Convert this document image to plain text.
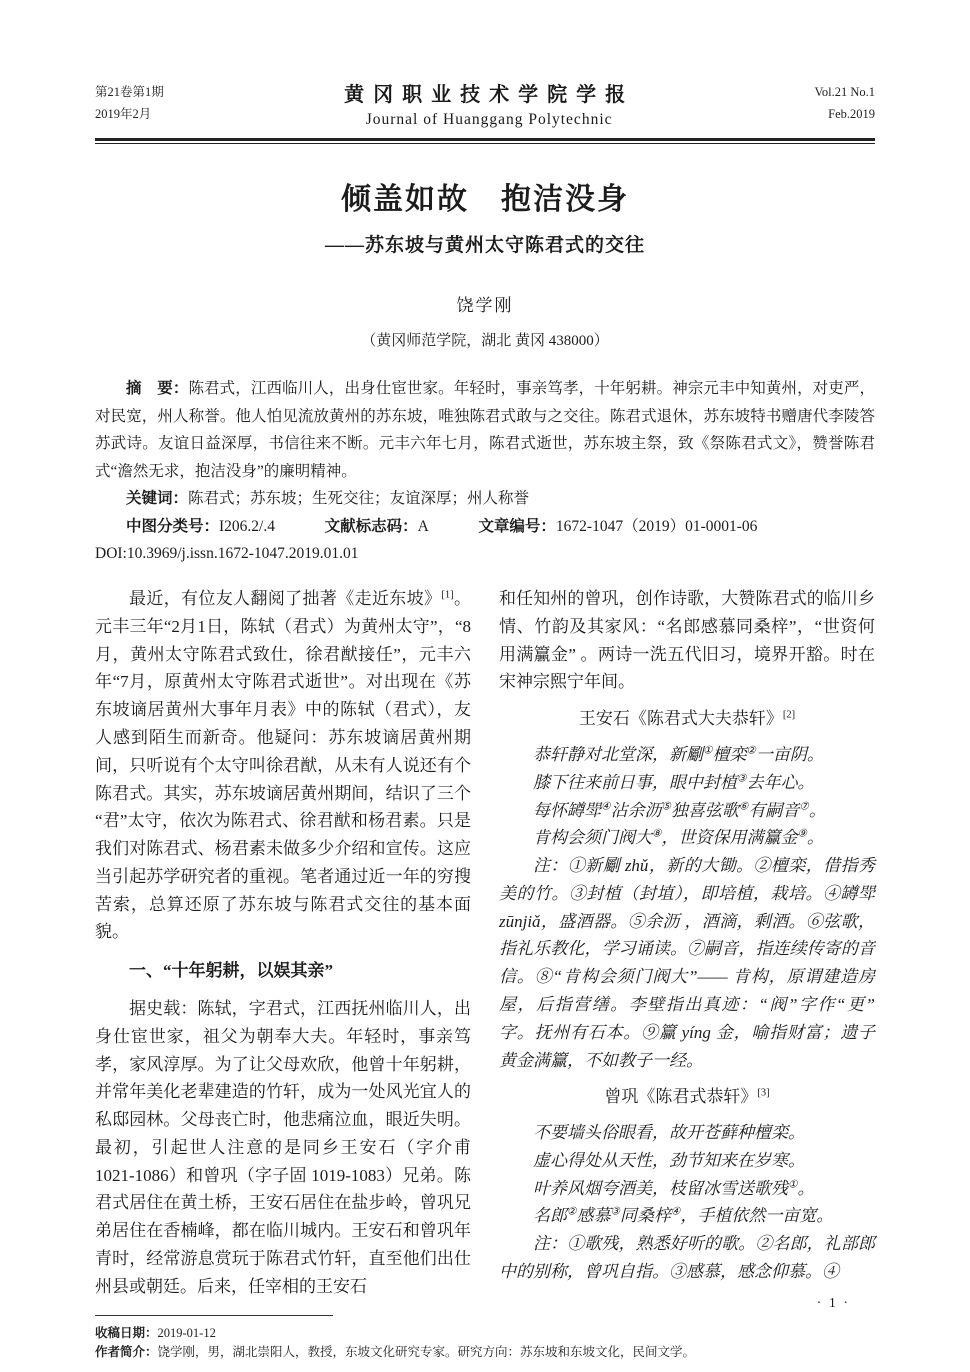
第21卷第1期
2019年2月
黄冈职业技术学院学报
Journal of Huanggang Polytechnic
Vol.21 No.1
Feb.2019
倾盖如故　抱洁没身
——苏东坡与黄州太守陈君式的交往
饶学刚
（黄冈师范学院，湖北 黄冈 438000）

摘　要：陈君式，江西临川人，出身仕宦世家。年轻时，事亲笃孝，十年躬耕。神宗元丰中知黄州，对吏严，对民宽，州人称誉。他人怕见流放黄州的苏东坡，唯独陈君式敢与之交往。陈君式退休，苏东坡特书赠唐代李陵答苏武诗。友谊日益深厚，书信往来不断。元丰六年七月，陈君式逝世，苏东坡主祭，致《祭陈君式文》，赞誉陈君式“澹然无求，抱洁没身”的廉明精神。

关键词：陈君式；苏东坡；生死交往；友谊深厚；州人称誉

中图分类号：I206.2/.4	文献标志码：A	文章编号：1672-1047（2019）01-0001-06

DOI:10.3969/j.issn.1672-1047.2019.01.01

最近，有位友人翻阅了拙著《走近东坡》[1]。元丰三年“2月1日，陈轼（君式）为黄州太守”，“8月，黄州太守陈君式致仕，徐君猷接任”，元丰六年“7月，原黄州太守陈君式逝世”。对出现在《苏东坡谪居黄州大事年月表》中的陈轼（君式），友人感到陌生而新奇。他疑问：苏东坡谪居黄州期间，只听说有个太守叫徐君猷，从未有人说还有个陈君式。其实，苏东坡谪居黄州期间，结识了三个“君”太守，依次为陈君式、徐君猷和杨君素。只是我们对陈君式、杨君素未做多少介绍和宣传。这应当引起苏学研究者的重视。笔者通过近一年的穷搜苦索，总算还原了苏东坡与陈君式交往的基本面貌。

一、“十年躬耕，以娱其亲”

据史载：陈轼，字君式，江西抚州临川人，出身仕宦世家，祖父为朝奉大夫。年轻时，事亲笃孝，家风淳厚。为了让父母欢欣，他曾十年躬耕，并常年美化老辈建造的竹轩，成为一处风光宜人的私邸园林。父母丧亡时，他悲痛泣血，眼近失明。最初，引起世人注意的是同乡王安石（字介甫 1021-1086）和曾巩（字子固 1019-1083）兄弟。陈君式居住在黄土桥，王安石居住在盐步岭，曾巩兄弟居住在香楠峰，都在临川城内。王安石和曾巩年青时，经常游息赏玩于陈君式竹轩，直至他们出仕州县或朝廷。后来，任宰相的王安石

和任知州的曾巩，创作诗歌，大赞陈君式的临川乡情、竹韵及其家风：“名郎感慕同桑梓”，“世资何用满籯金” 。两诗一洗五代旧习，境界开豁。时在宋神宗熙宁年间。

王安石《陈君式大夫恭轩》[2]
恭轩静对北堂深，新劚①檀栾②一亩阴。
膝下往来前日事，眼中封植③去年心。
每怀罇斝④沾余沥⑤独喜弦歌⑥有嗣音⑦。
肯构会须门阀大⑧，世资保用满籯金⑨。

注：①新劚 zhǔ，新的大锄。②檀栾，借指秀美的竹。③封植（封埴），即培植，栽培。④罇斝 zūnjiǎ，盛酒器。⑤余沥 ，酒滴，剩酒。⑥弦歌，指礼乐教化，学习诵读。⑦嗣音，指连续传寄的音信。⑧“肯构会须门阀大”—— 肯构，原谓建造房屋，后指营缮。李壁指出真迹：“阀”字作“更”字。抚州有石本。⑨籯 yíng 金，喻指财富；遗子黄金满籯，不如教子一经。

曾巩《陈君式恭轩》[3]
不要墙头俗眼看，故开苍藓种檀栾。
虚心得处从天性，劲节知来在岁寒。
叶养风烟夸酒美，枝留冰雪送歌残①。
名郎②感慕③同桑梓④，手植依然一亩宽。

注：①歌残，熟悉好听的歌。②名郎，礼部郎中的别称，曾巩自指。③感慕，感念仰慕。④

收稿日期：2019-01-12
作者简介：饶学刚，男，湖北崇阳人，教授，东坡文化研究专家。研究方向：苏东坡和东坡文化，民间文学。
· 1 ·
